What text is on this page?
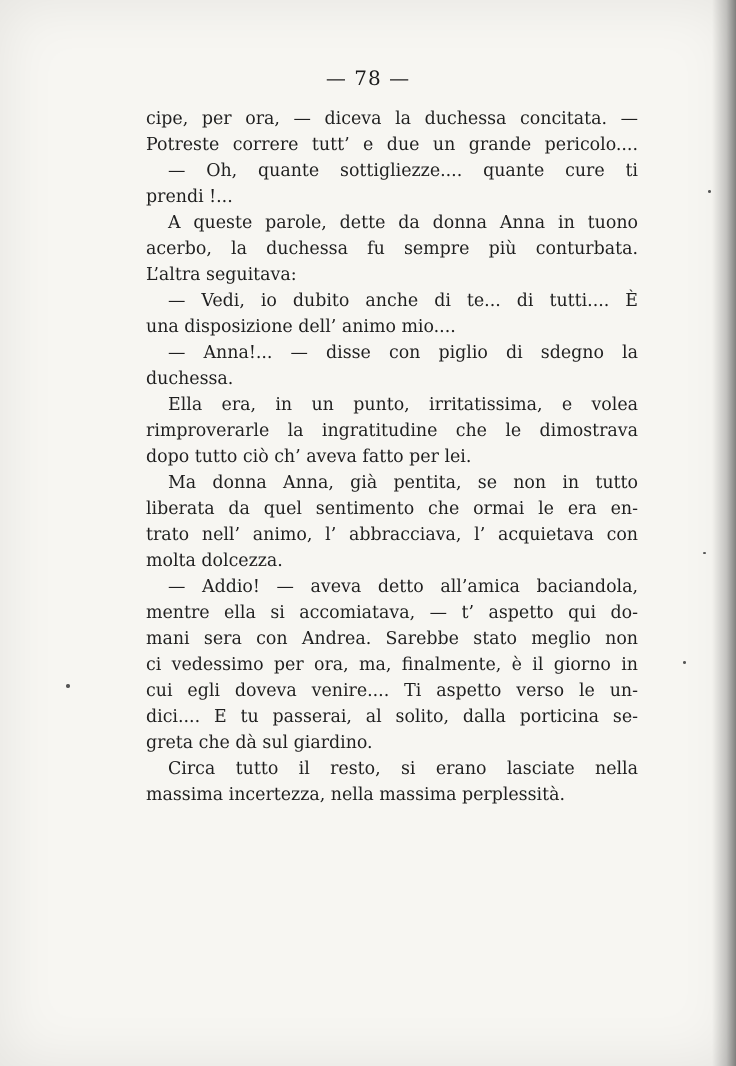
— 78 —
cipe, per ora, — diceva la duchessa concitata. —
Potreste correre tutt’ e due un grande pericolo....
— Oh, quante sottigliezze.... quante cure ti
prendi !...
A queste parole, dette da donna Anna in tuono
acerbo, la duchessa fu sempre più conturbata.
L’altra seguitava:
— Vedi, io dubito anche di te... di tutti.... È
una disposizione dell’ animo mio....
— Anna!... — disse con piglio di sdegno la
duchessa.
Ella era, in un punto, irritatissima, e volea
rimproverarle la ingratitudine che le dimostrava
dopo tutto ciò ch’ aveva fatto per lei.
Ma donna Anna, già pentita, se non in tutto
liberata da quel sentimento che ormai le era en-
trato nell’ animo, l’ abbracciava, l’ acquietava con
molta dolcezza.
— Addio! — aveva detto all’amica baciandola,
mentre ella si accomiatava, — t’ aspetto qui do-
mani sera con Andrea. Sarebbe stato meglio non
ci vedessimo per ora, ma, finalmente, è il giorno in
cui egli doveva venire.... Ti aspetto verso le un-
dici.... E tu passerai, al solito, dalla porticina se-
greta che dà sul giardino.
Circa tutto il resto, si erano lasciate nella
massima incertezza, nella massima perplessità.
